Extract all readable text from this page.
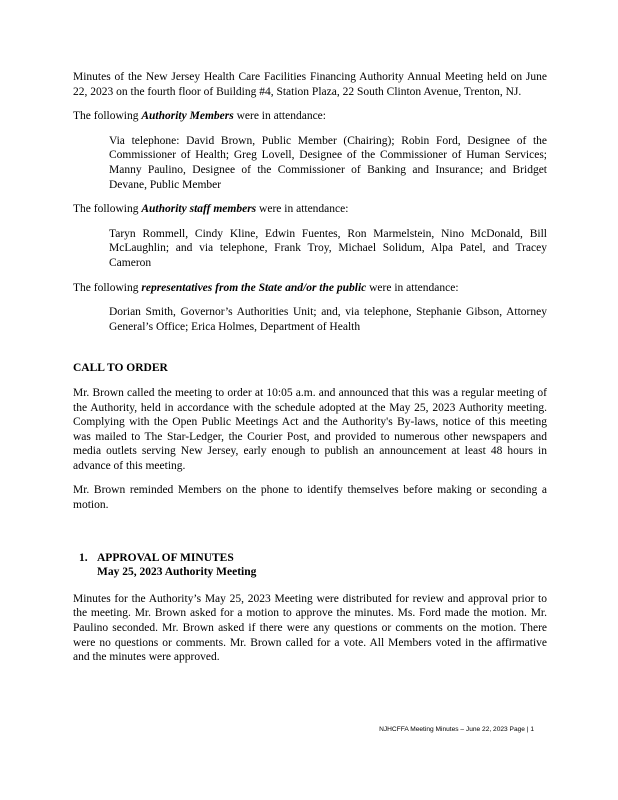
Minutes of the New Jersey Health Care Facilities Financing Authority Annual Meeting held on June 22, 2023 on the fourth floor of Building #4, Station Plaza, 22 South Clinton Avenue, Trenton, NJ.

The following Authority Members were in attendance:

Via telephone: David Brown, Public Member (Chairing); Robin Ford, Designee of the Commissioner of Health; Greg Lovell, Designee of the Commissioner of Human Services; Manny Paulino, Designee of the Commissioner of Banking and Insurance; and Bridget Devane, Public Member

The following Authority staff members were in attendance:

Taryn Rommell, Cindy Kline, Edwin Fuentes, Ron Marmelstein, Nino McDonald, Bill McLaughlin; and via telephone, Frank Troy, Michael Solidum, Alpa Patel, and Tracey Cameron

The following representatives from the State and/or the public were in attendance:

Dorian Smith, Governor’s Authorities Unit; and, via telephone, Stephanie Gibson, Attorney General’s Office; Erica Holmes, Department of Health

CALL TO ORDER

Mr. Brown called the meeting to order at 10:05 a.m. and announced that this was a regular meeting of the Authority, held in accordance with the schedule adopted at the May 25, 2023 Authority meeting. Complying with the Open Public Meetings Act and the Authority's By-laws, notice of this meeting was mailed to The Star-Ledger, the Courier Post, and provided to numerous other newspapers and media outlets serving New Jersey, early enough to publish an announcement at least 48 hours in advance of this meeting.

Mr. Brown reminded Members on the phone to identify themselves before making or seconding a motion.

1. APPROVAL OF MINUTES
May 25, 2023 Authority Meeting

Minutes for the Authority’s May 25, 2023 Meeting were distributed for review and approval prior to the meeting. Mr. Brown asked for a motion to approve the minutes. Ms. Ford made the motion. Mr. Paulino seconded. Mr. Brown asked if there were any questions or comments on the motion. There were no questions or comments. Mr. Brown called for a vote. All Members voted in the affirmative and the minutes were approved.

NJHCFFA Meeting Minutes – June 22, 2023 Page | 1
